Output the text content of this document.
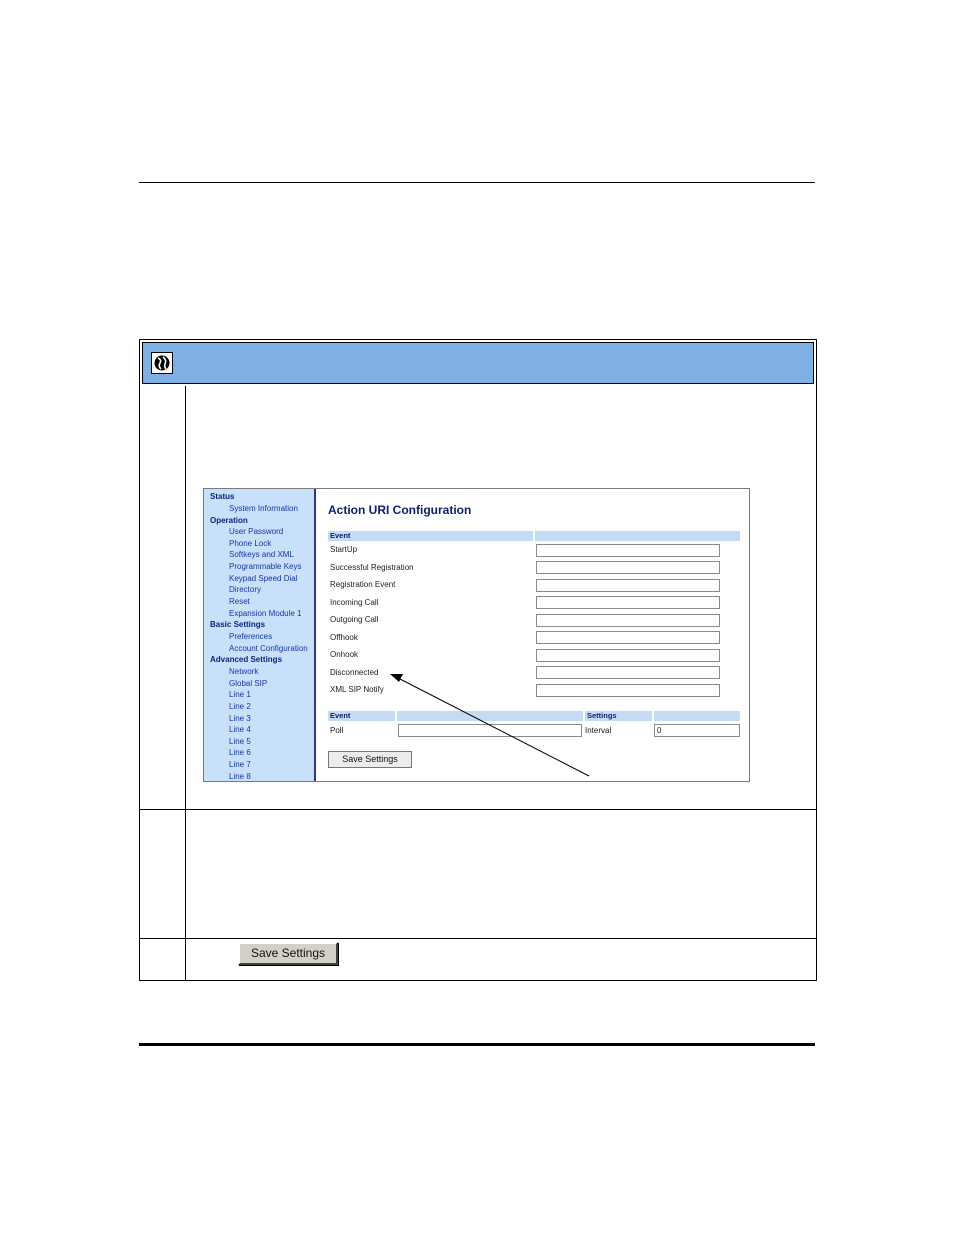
Status
System Information
Operation
User Password
Phone Lock
Softkeys and XML
Programmable Keys
Keypad Speed Dial
Directory
Reset
Expansion Module 1
Basic Settings
Preferences
Account Configuration
Advanced Settings
Network
Global SIP
Line 1
Line 2
Line 3
Line 4
Line 5
Line 6
Line 7
Line 8
Action URI Configuration
Event
StartUp
Successful Registration
Registration Event
Incoming Call
Outgoing Call
Offhook
Onhook
Disconnected
XML SIP Notify
Event	Settings
Poll	Interval	0
Save Settings
Save Settings
